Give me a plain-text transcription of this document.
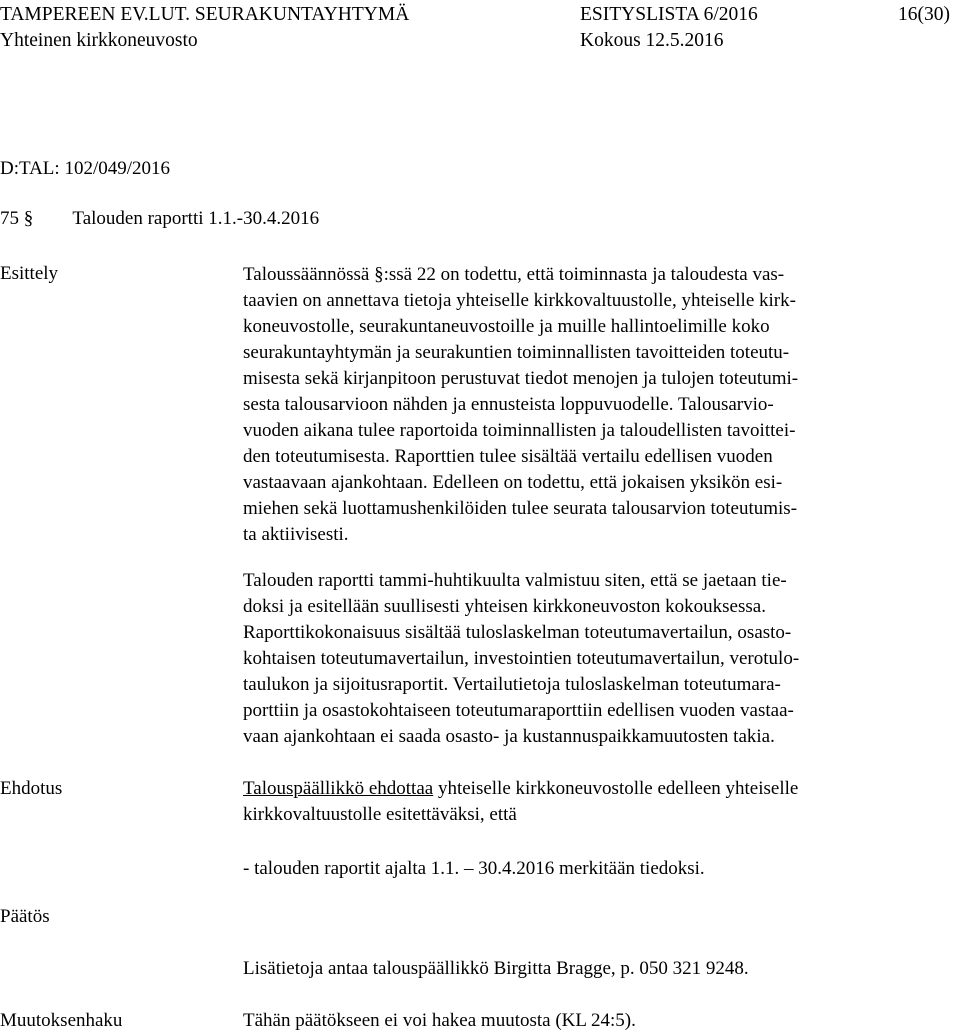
TAMPEREEN EV.LUT. SEURAKUNTAYHTYMÄ	ESITYSLISTA 6/2016	16(30)
Yhteinen kirkkoneuvosto	Kokous 12.5.2016
D:TAL: 102/049/2016
75 § Talouden raportti 1.1.-30.4.2016
Esittely	Taloussäännössä §:ssä 22 on todettu, että toiminnasta ja taloudesta vas-
taavien on annettava tietoja yhteiselle kirkkovaltuustolle, yhteiselle kirk-
koneuvostolle, seurakuntaneuvostoille ja muille hallintoelimille koko
seurakuntayhtymän ja seurakuntien toiminnallisten tavoitteiden toteutu-
misesta sekä kirjanpitoon perustuvat tiedot menojen ja tulojen toteutumi-
sesta talousarvioon nähden ja ennusteista loppuvuodelle. Talousarvio-
vuoden aikana tulee raportoida toiminnallisten ja taloudellisten tavoittei-
den toteutumisesta. Raporttien tulee sisältää vertailu edellisen vuoden
vastaavaan ajankohtaan. Edelleen on todettu, että jokaisen yksikön esi-
miehen sekä luottamushenkilöiden tulee seurata talousarvion toteutumis-
ta aktiivisesti.
Talouden raportti tammi-huhtikuulta valmistuu siten, että se jaetaan tie-
doksi ja esitellään suullisesti yhteisen kirkkoneuvoston kokouksessa.
Raporttikokonaisuus sisältää tuloslaskelman toteutumavertailun, osasto-
kohtaisen toteutumavertailun, investointien toteutumavertailun, verotulo-
taulukon ja sijoitusraportit. Vertailutietoja tuloslaskelman toteutumara-
porttiin ja osastokohtaiseen toteutumaraporttiin edellisen vuoden vastaa-
vaan ajankohtaan ei saada osasto- ja kustannuspaikkamuutosten takia.
Ehdotus	Talouspäällikkö ehdottaa yhteiselle kirkkoneuvostolle edelleen yhteiselle
kirkkovaltuustolle esitettäväksi, että
- talouden raportit ajalta 1.1. – 30.4.2016 merkitään tiedoksi.
Päätös
Lisätietoja antaa talouspäällikkö Birgitta Bragge, p. 050 321 9248.
Muutoksenhaku	Tähän päätökseen ei voi hakea muutosta (KL 24:5).
